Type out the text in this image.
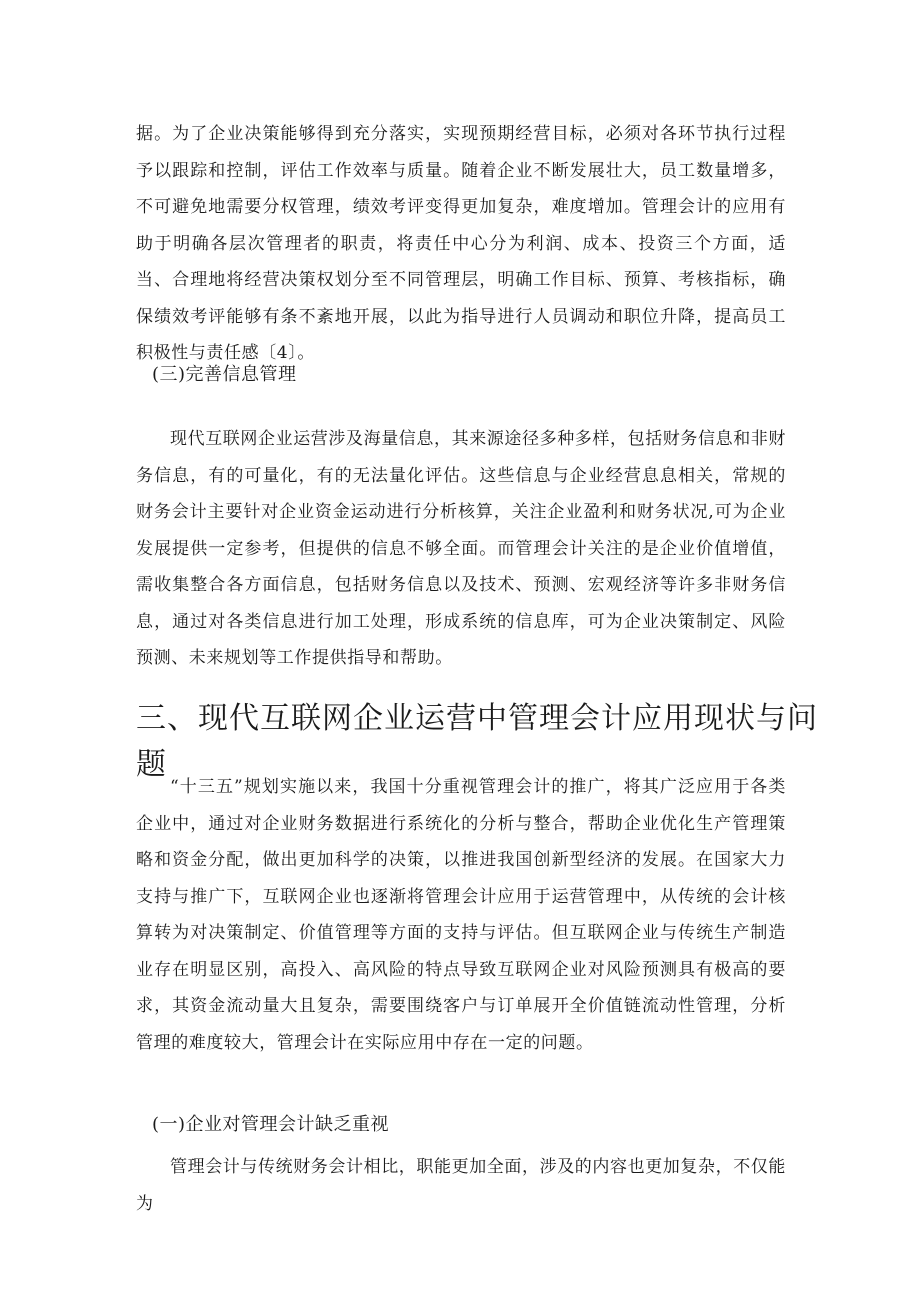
据。为了企业决策能够得到充分落实，实现预期经营目标，必须对各环节执行过程予以跟踪和控制，评估工作效率与质量。随着企业不断发展壮大，员工数量增多，不可避免地需要分权管理，绩效考评变得更加复杂，难度增加。管理会计的应用有助于明确各层次管理者的职责，将责任中心分为利润、成本、投资三个方面，适当、合理地将经营决策权划分至不同管理层，明确工作目标、预算、考核指标，确保绩效考评能够有条不紊地开展，以此为指导进行人员调动和职位升降，提高员工积极性与责任感〔4〕。

(三)完善信息管理

现代互联网企业运营涉及海量信息，其来源途径多种多样，包括财务信息和非财务信息，有的可量化，有的无法量化评估。这些信息与企业经营息息相关，常规的财务会计主要针对企业资金运动进行分析核算，关注企业盈利和财务状况,可为企业发展提供一定参考，但提供的信息不够全面。而管理会计关注的是企业价值增值，需收集整合各方面信息，包括财务信息以及技术、预测、宏观经济等许多非财务信息，通过对各类信息进行加工处理，形成系统的信息库，可为企业决策制定、风险预测、未来规划等工作提供指导和帮助。

三、现代互联网企业运营中管理会计应用现状与问题

“十三五”规划实施以来，我国十分重视管理会计的推广，将其广泛应用于各类企业中，通过对企业财务数据进行系统化的分析与整合，帮助企业优化生产管理策略和资金分配，做出更加科学的决策，以推进我国创新型经济的发展。在国家大力支持与推广下，互联网企业也逐渐将管理会计应用于运营管理中，从传统的会计核算转为对决策制定、价值管理等方面的支持与评估。但互联网企业与传统生产制造业存在明显区别，高投入、高风险的特点导致互联网企业对风险预测具有极高的要求，其资金流动量大且复杂，需要围绕客户与订单展开全价值链流动性管理，分析管理的难度较大，管理会计在实际应用中存在一定的问题。

(一)企业对管理会计缺乏重视

管理会计与传统财务会计相比，职能更加全面，涉及的内容也更加复杂，不仅能为
